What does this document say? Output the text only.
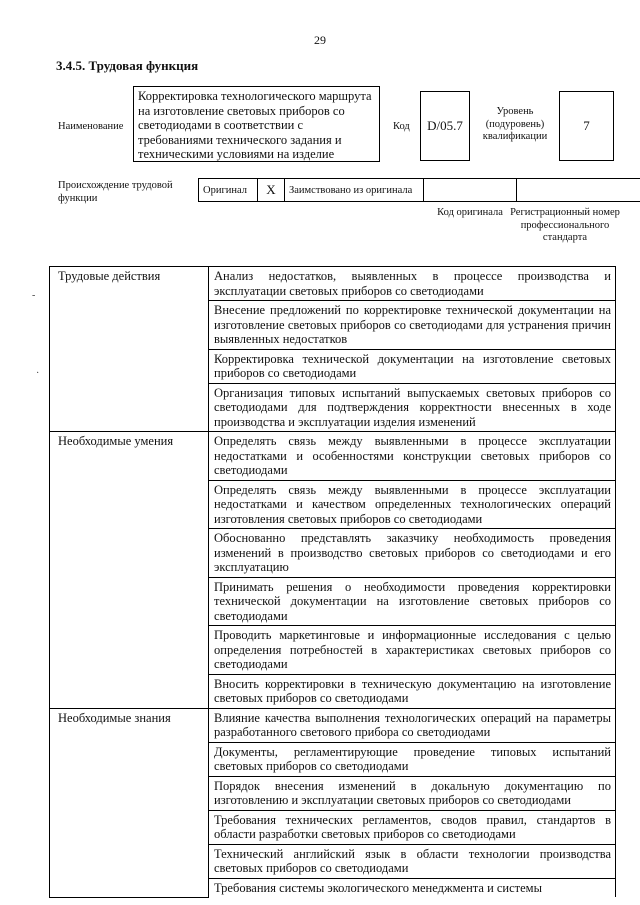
29
3.4.5. Трудовая функция
Наименование
Корректировка технологического маршрута на изготовление световых приборов со светодиодами в соответствии с требованиями технического задания и техническими условиями на изделие
Код	D/05.7
Уровень (подуровень) квалификации
7
Происхождение трудовой функции
Оригинал	X	Заимствовано из оригинала
Код оригинала Регистрационный номер профессионального стандарта
-
·
Трудовые действия	Анализ недостатков, выявленных в процессе производства и эксплуатации световых приборов со светодиодами
	Внесение предложений по корректировке технической документации на изготовление световых приборов со светодиодами для устранения причин выявленных недостатков
	Корректировка технической документации на изготовление световых приборов со светодиодами
	Организация типовых испытаний выпускаемых световых приборов со светодиодами для подтверждения корректности внесенных в ходе производства и эксплуатации изделия изменений
Необходимые умения	Определять связь между выявленными в процессе эксплуатации недостатками и особенностями конструкции световых приборов со светодиодами
	Определять связь между выявленными в процессе эксплуатации недостатками и качеством определенных технологических операций изготовления световых приборов со светодиодами
	Обоснованно представлять заказчику необходимость проведения изменений в производство световых приборов со светодиодами и его эксплуатацию
	Принимать решения о необходимости проведения корректировки технической документации на изготовление световых приборов со светодиодами
	Проводить маркетинговые и информационные исследования с целью определения потребностей в характеристиках световых приборов со светодиодами
	Вносить корректировки в техническую документацию на изготовление световых приборов со светодиодами
Необходимые знания	Влияние качества выполнения технологических операций на параметры разработанного светового прибора со светодиодами
	Документы, регламентирующие проведение типовых испытаний световых приборов со светодиодами
	Порядок внесения изменений в докальную документацию по изготовлению и эксплуатации световых приборов со светодиодами
	Требования технических регламентов, сводов правил, стандартов в области разработки световых приборов со светодиодами
	Технический английский язык в области технологии производства световых приборов со светодиодами
	Требования системы экологического менеджмента и системы
